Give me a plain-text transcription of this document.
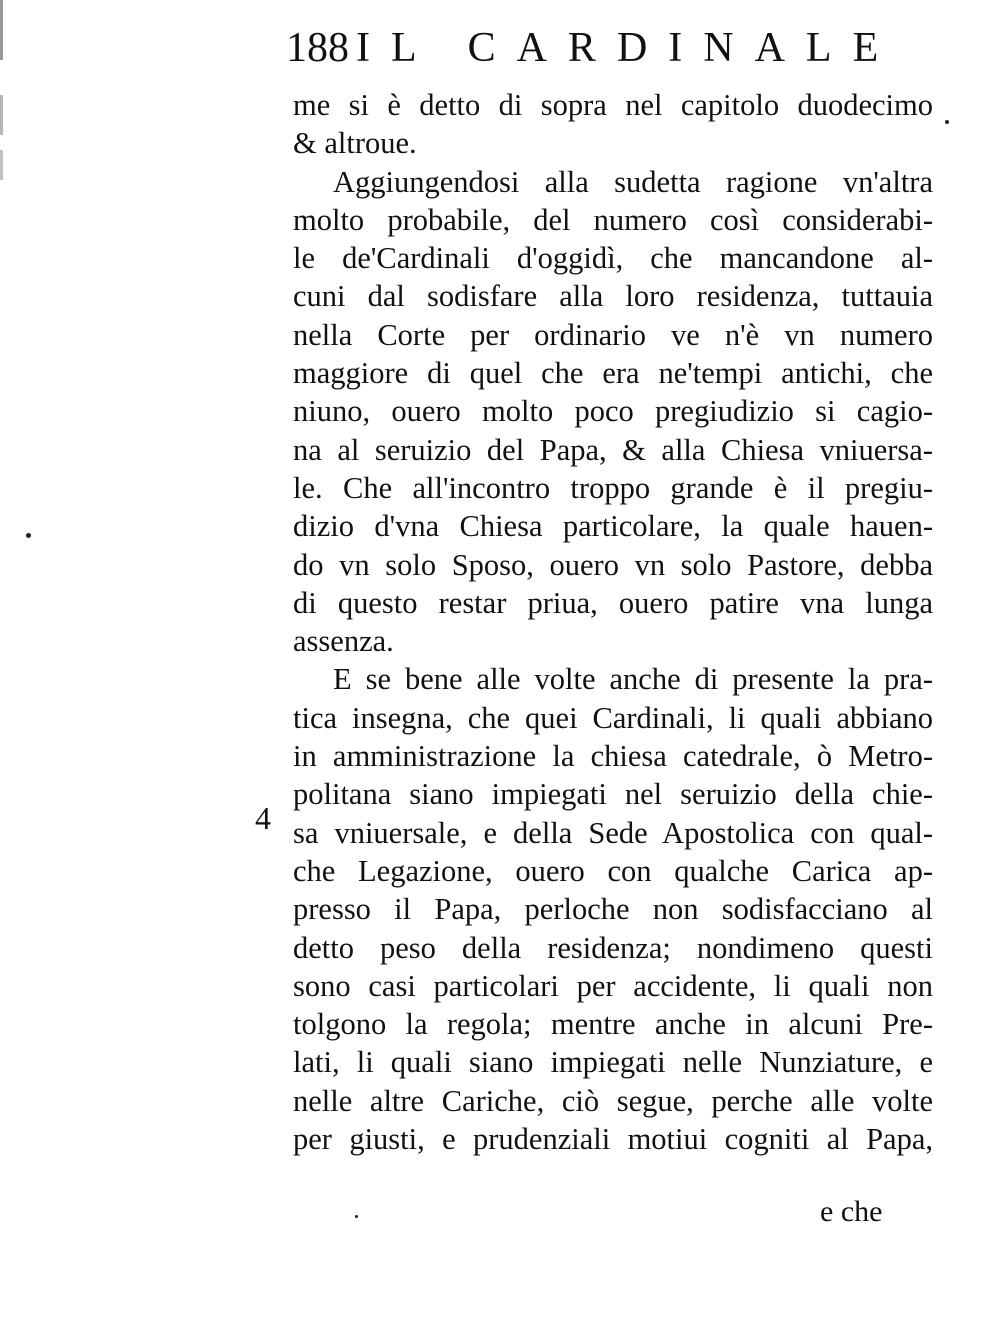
188 IL CARDINALE
me si è detto di sopra nel capitolo duodecimo
& altroue.
Aggiungendosi alla sudetta ragione vn'altra
molto probabile, del numero così considerabi-
le de'Cardinali d'oggidì, che mancandone al-
cuni dal sodisfare alla loro residenza, tuttauia
nella Corte per ordinario ve n'è vn numero
maggiore di quel che era ne'tempi antichi, che
niuno, ouero molto poco pregiudizio si cagio-
na al seruizio del Papa, & alla Chiesa vniuersa-
le. Che all'incontro troppo grande è il pregiu-
dizio d'vna Chiesa particolare, la quale hauen-
do vn solo Sposo, ouero vn solo Pastore, debba
di questo restar priua, ouero patire vna lunga
assenza.
E se bene alle volte anche di presente la pra-
tica insegna, che quei Cardinali, li quali abbiano
in amministrazione la chiesa catedrale, ò Metro-
politana siano impiegati nel seruizio della chie-
sa vniuersale, e della Sede Apostolica con qual-
che Legazione, ouero con qualche Carica ap-
presso il Papa, perloche non sodisfacciano al
detto peso della residenza; nondimeno questi
sono casi particolari per accidente, li quali non
tolgono la regola; mentre anche in alcuni Pre-
lati, li quali siano impiegati nelle Nunziature, e
nelle altre Cariche, ciò segue, perche alle volte
per giusti, e prudenziali motiui cogniti al Papa,
4
e che
